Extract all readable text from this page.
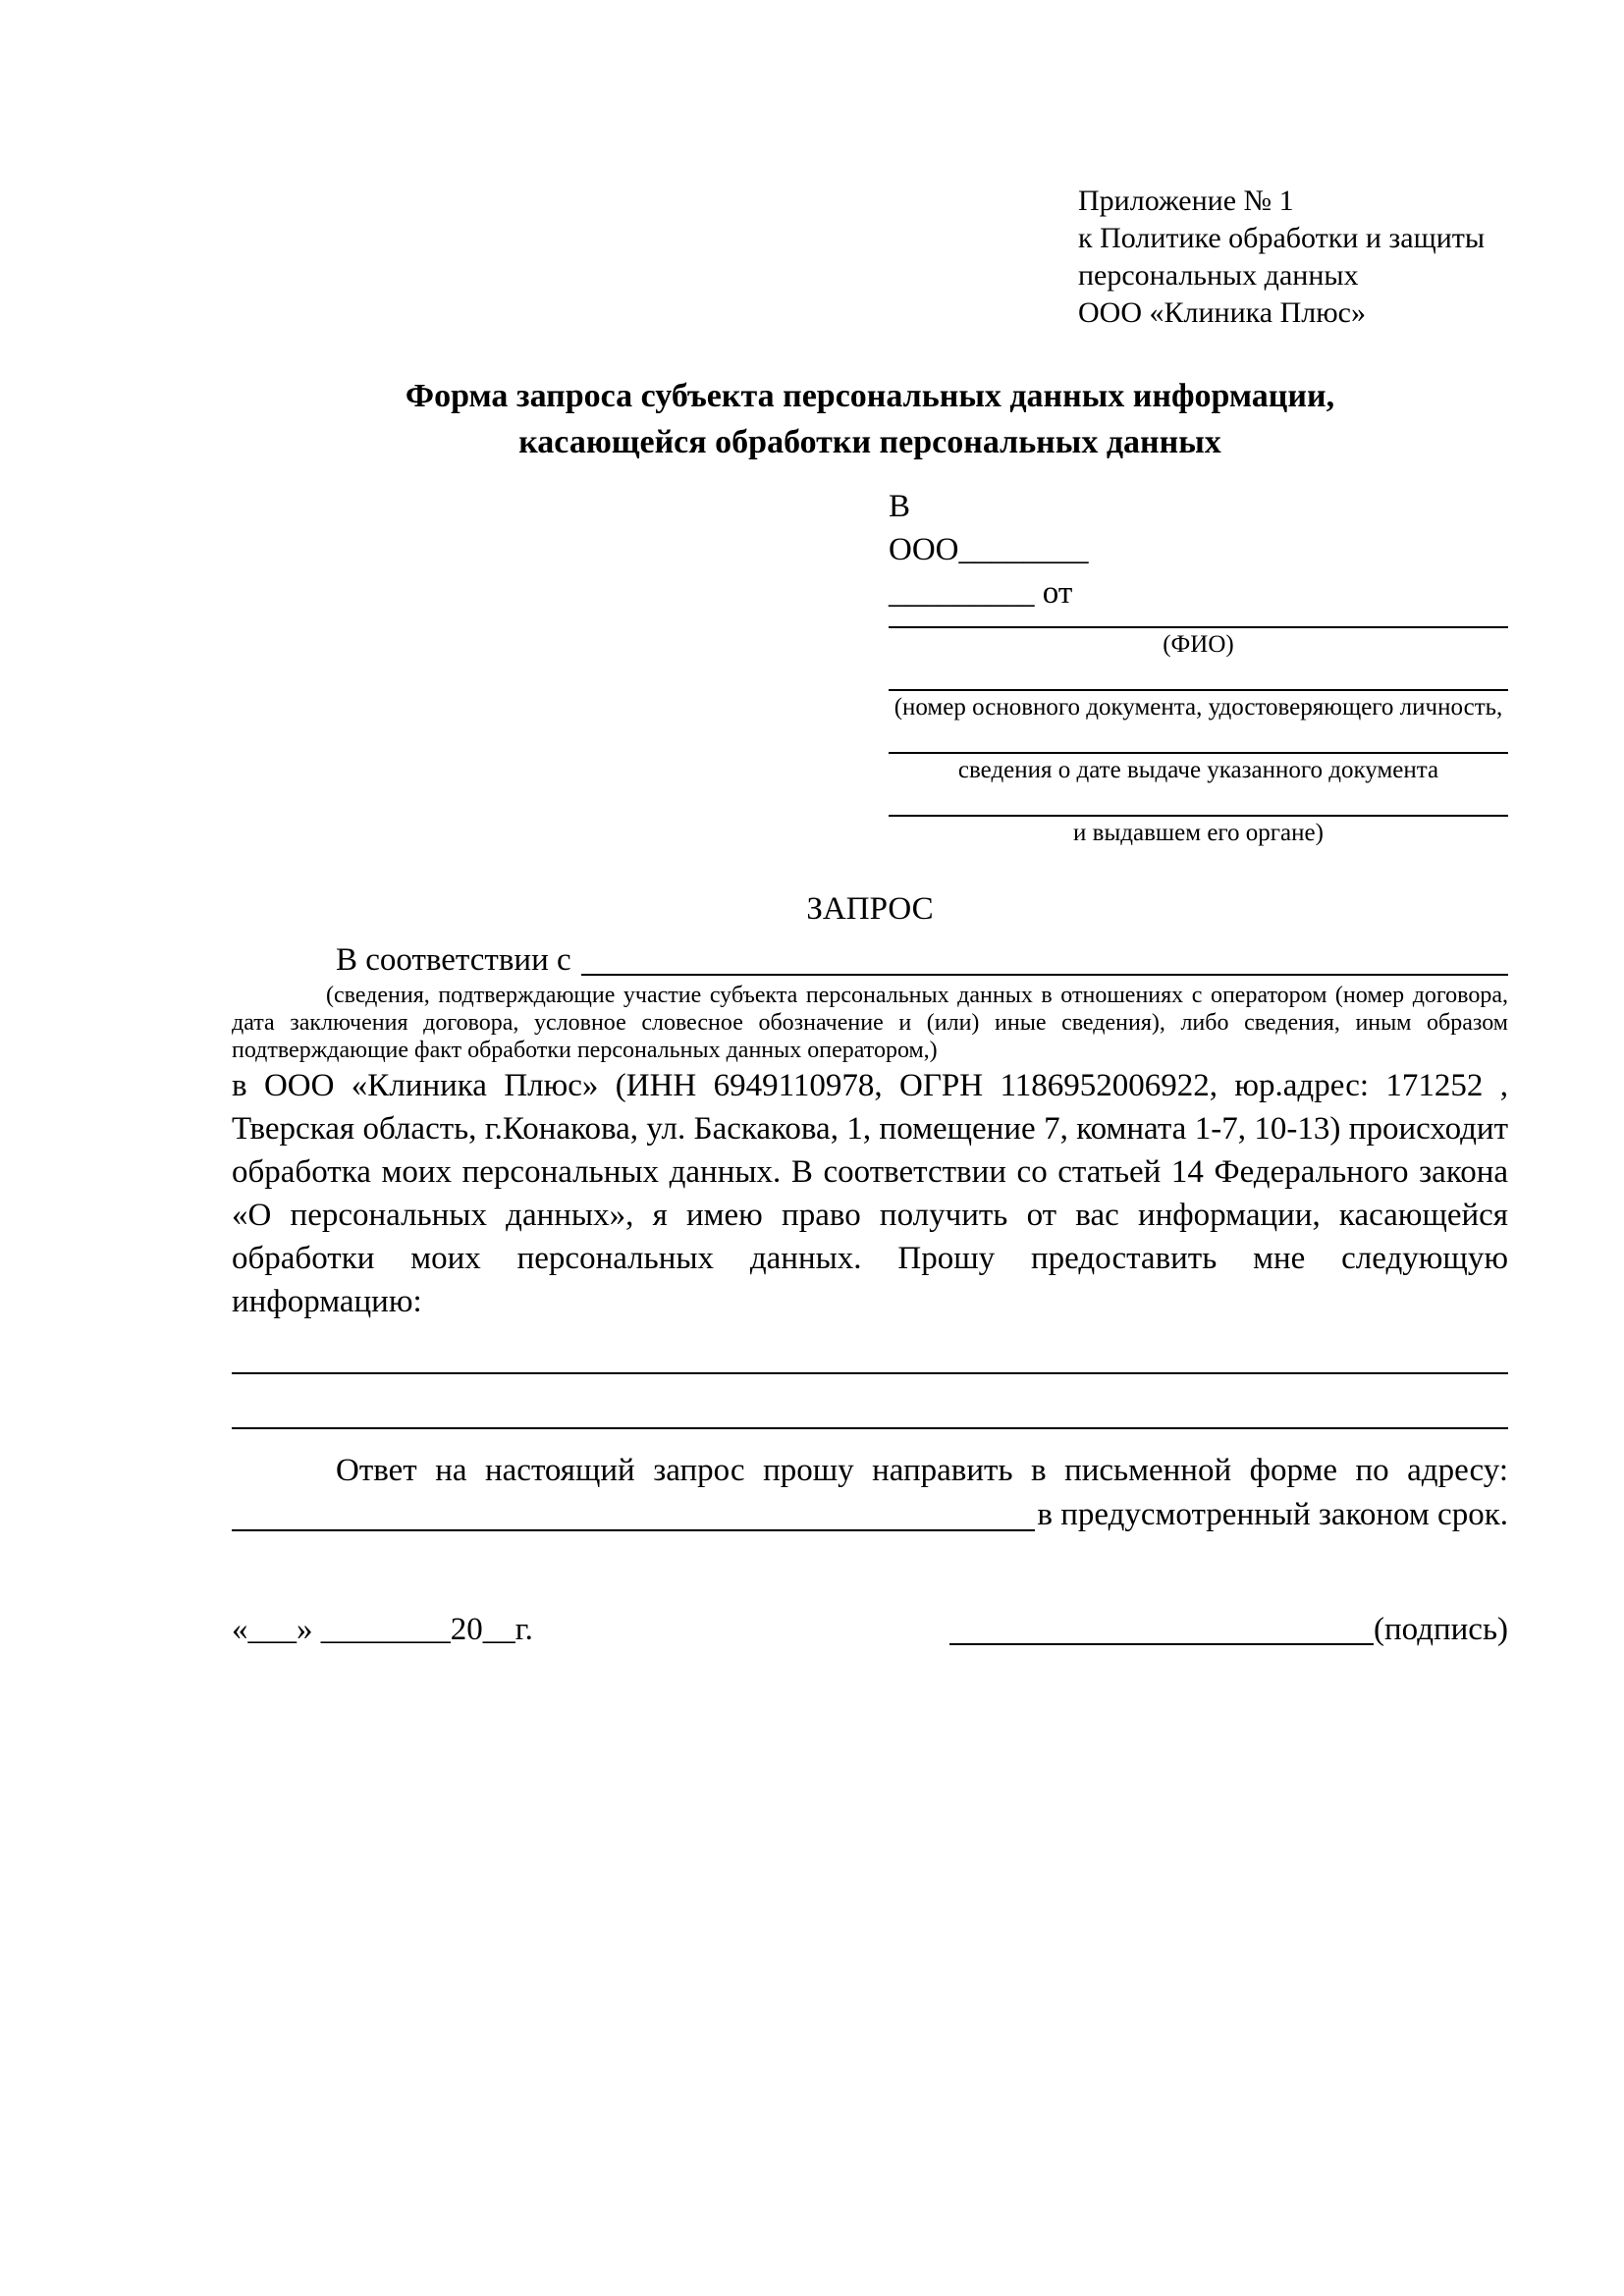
Приложение № 1
к Политике обработки и защиты
персональных данных
ООО «Клиника Плюс»
Форма запроса субъекта персональных данных информации,
касающейся обработки персональных данных
В
ООО________
_________ от
(ФИО)
(номер основного документа, удостоверяющего личность,
сведения о дате выдаче указанного документа
и выдавшем его органе)
ЗАПРОС
В соответствии с
(сведения, подтверждающие участие субъекта персональных данных в отношениях с оператором (номер договора, дата заключения договора, условное словесное обозначение и (или) иные сведения), либо сведения, иным образом подтверждающие факт обработки персональных данных оператором,)
в ООО «Клиника Плюс» (ИНН 6949110978, ОГРН 1186952006922, юр.адрес: 171252 , Тверская область, г.Конакова, ул. Баскакова, 1, помещение 7, комната 1-7, 10-13) происходит обработка моих персональных данных. В соответствии со статьей 14 Федерального закона «О персональных данных», я имею право получить от вас информации, касающейся обработки моих персональных данных. Прошу предоставить мне следующую информацию:
Ответ на настоящий запрос прошу направить в письменной форме по адресу:
в предусмотренный законом срок.
«___» ________20__г.	(подпись)
